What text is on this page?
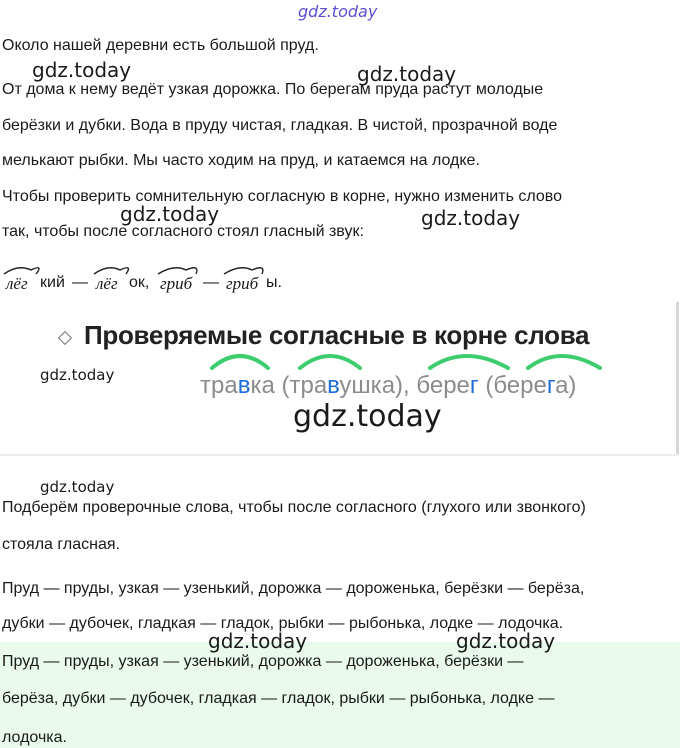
gdz.today
gdz.today	gdz.today
gdz.today	gdz.today
gdz.today
gdz.today
gdz.today
gdz.today	gdz.today
Около нашей деревни есть большой пруд.
От дома к нему ведёт узкая дорожка. По берегам пруда растут молодые
берёзки и дубки. Вода в пруду чистая, гладкая. В чистой, прозрачной воде
мелькают рыбки. Мы часто ходим на пруд, и катаемся на лодке.
Чтобы проверить сомнительную согласную в корне, нужно изменить слово
так, чтобы после согласного стоял гласный звук:
лёг кий — лёг ок, гриб — гриб ы.
Проверяемые согласные в корне слова
травка (травушка), берег (берега)
Подберём проверочные слова, чтобы после согласного (глухого или звонкого)
стояла гласная.
Пруд — пруды, узкая — узенький, дорожка — дороженька, берёзки — берёза,
дубки — дубочек, гладкая — гладок, рыбки — рыбонька, лодке — лодочка.
Пруд — пруды, узкая — узенький, дорожка — дороженька, берёзки —
берёза, дубки — дубочек, гладкая — гладок, рыбки — рыбонька, лодке —
лодочка.
